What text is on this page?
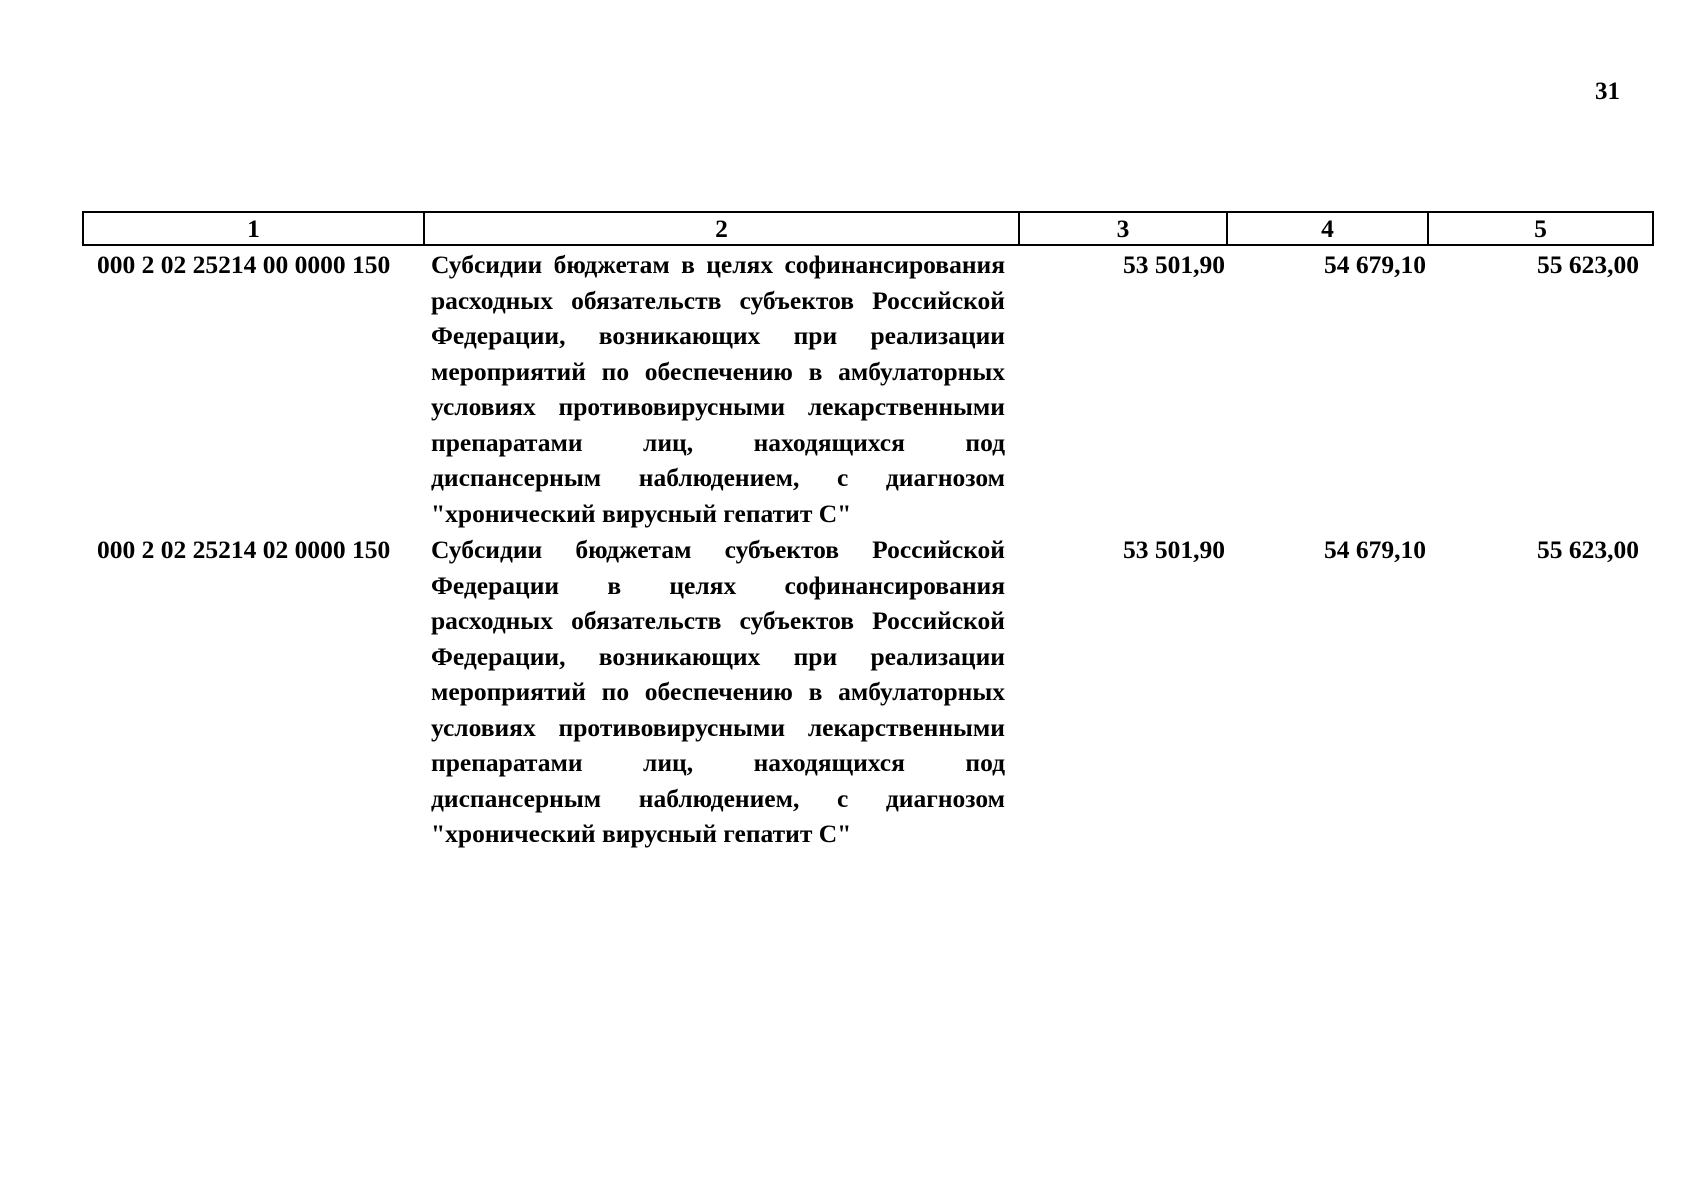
31
1	2	3	4	5
000 2 02 25214 00 0000 150	Субсидии бюджетам в целях софинансирования расходных обязательств субъектов Российской Федерации, возникающих при реализации мероприятий по обеспечению в амбулаторных условиях противовирусными лекарственными препаратами лиц, находящихся под диспансерным наблюдением, с диагнозом "хронический вирусный гепатит С"	53 501,90	54 679,10	55 623,00
000 2 02 25214 02 0000 150	Субсидии бюджетам субъектов Российской Федерации в целях софинансирования расходных обязательств субъектов Российской Федерации, возникающих при реализации мероприятий по обеспечению в амбулаторных условиях противовирусными лекарственными препаратами лиц, находящихся под диспансерным наблюдением, с диагнозом "хронический вирусный гепатит С"	53 501,90	54 679,10	55 623,00
